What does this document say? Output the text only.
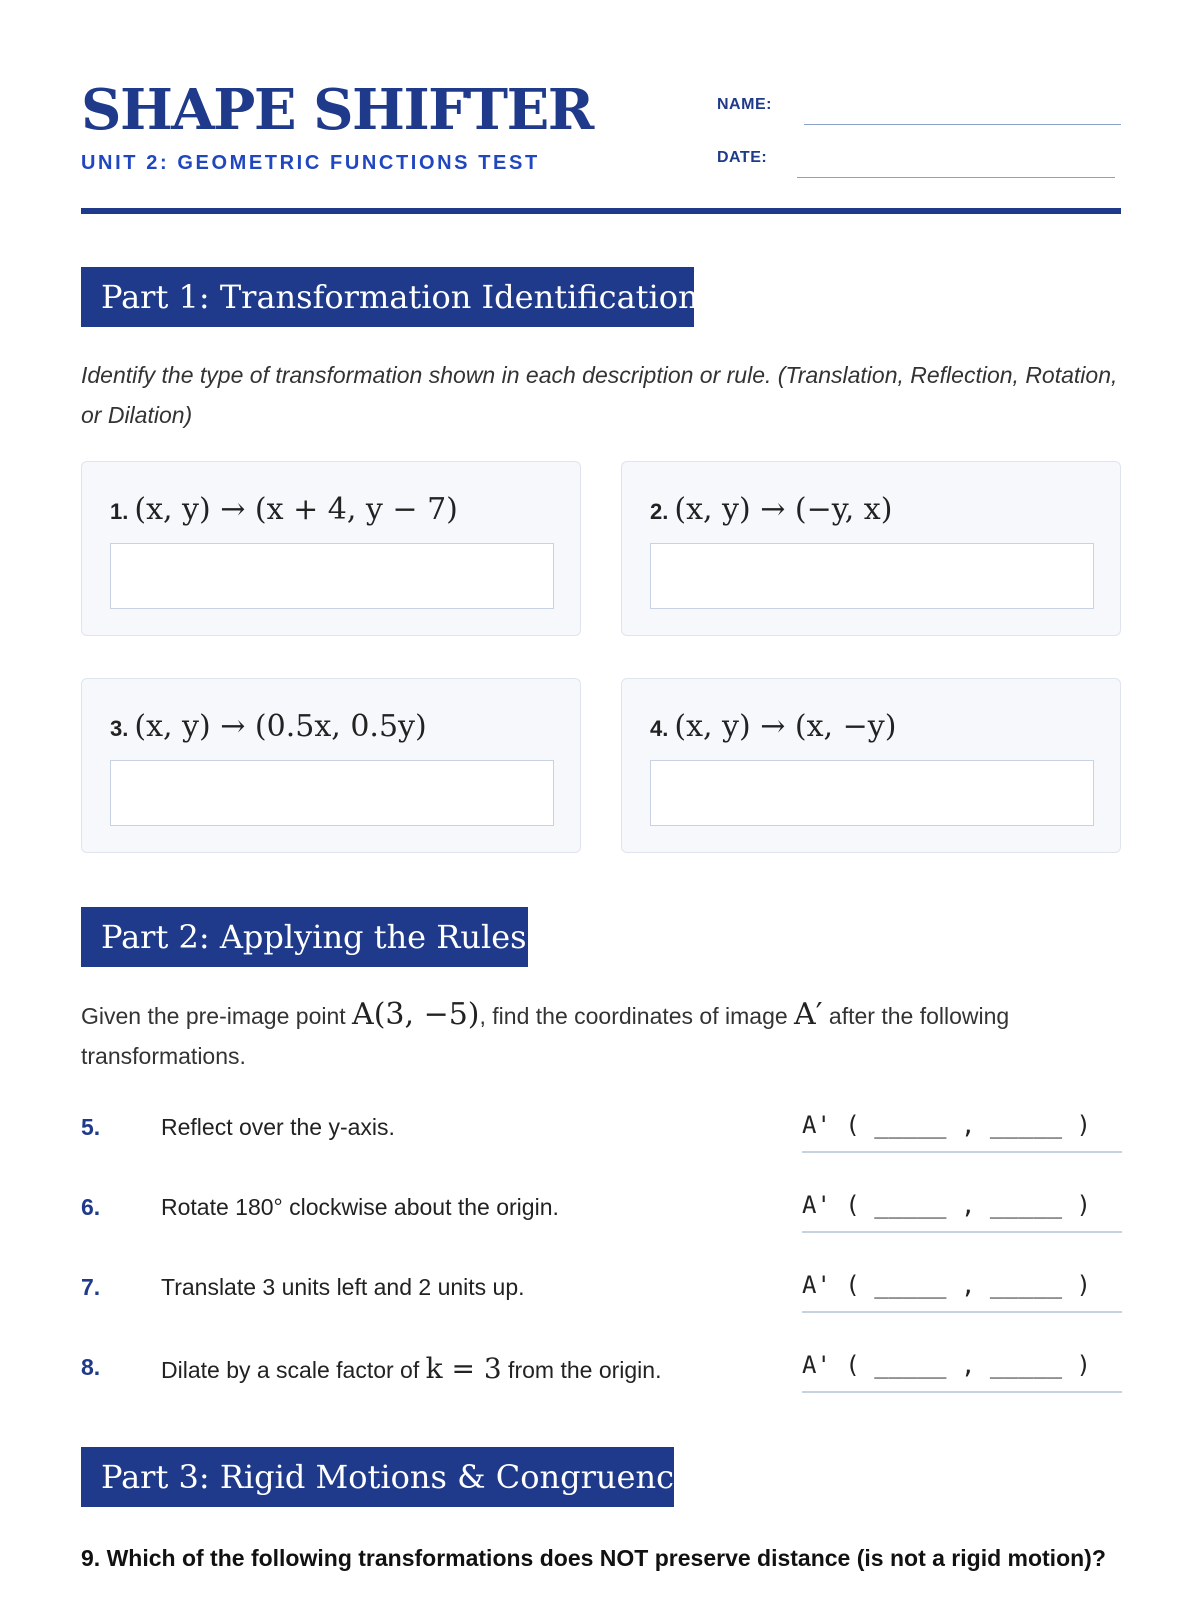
SHAPE SHIFTER
UNIT 2: GEOMETRIC FUNCTIONS TEST
NAME:
DATE:
Part 1: Transformation Identification

Identify the type of transformation shown in each description or rule. (Translation, Reflection, Rotation, or Dilation)

1. (x, y) → (x + 4, y − 7)	2. (x, y) → (−y, x)
3. (x, y) → (0.5x, 0.5y)	4. (x, y) → (x, −y)
Part 2: Applying the Rules

Given the pre-image point A(3, −5), find the coordinates of image A′ after the following transformations.

5.	Reflect over the y-axis.	A' ( _____ , _____ )
6.	Rotate 180° clockwise about the origin.	A' ( _____ , _____ )
7.	Translate 3 units left and 2 units up.	A' ( _____ , _____ )
8.	Dilate by a scale factor of k = 3 from the origin.	A' ( _____ , _____ )
Part 3: Rigid Motions & Congruence

9. Which of the following transformations does NOT preserve distance (is not a rigid motion)?
